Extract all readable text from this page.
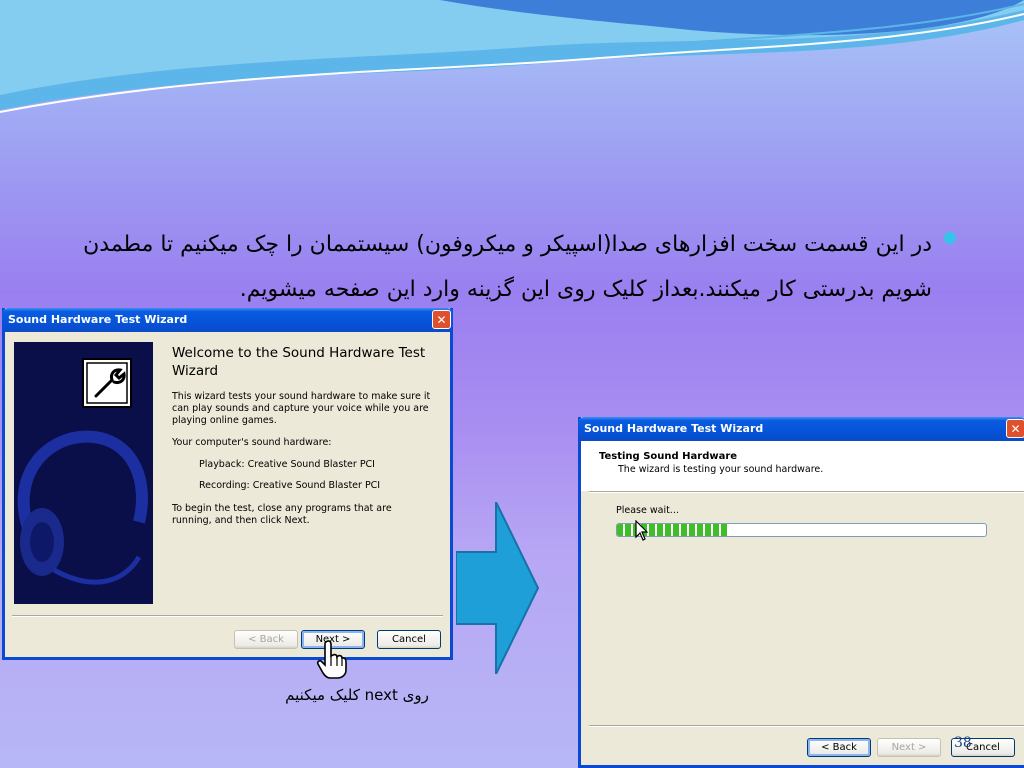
در این قسمت سخت افزارهای صدا(اسپیکر و میکروفون) سیستممان را چک میکنیم تا مطمدن شویم بدرستی کار میکنند.بعداز کلیک روی این گزینه وارد این صفحه میشویم.
Sound Hardware Test Wizard	✕
Welcome to the Sound Hardware Test Wizard
This wizard tests your sound hardware to make sure it can play sounds and capture your voice while you are playing online games.
Your computer's sound hardware:
Playback: Creative Sound Blaster PCI
Recording: Creative Sound Blaster PCI
To begin the test, close any programs that are running, and then click Next.
< Back	Next >	Cancel
روی next کلیک میکنیم
Sound Hardware Test Wizard	✕
Testing Sound Hardware
The wizard is testing your sound hardware.
Please wait...
< Back	Next >	Cancel
38
